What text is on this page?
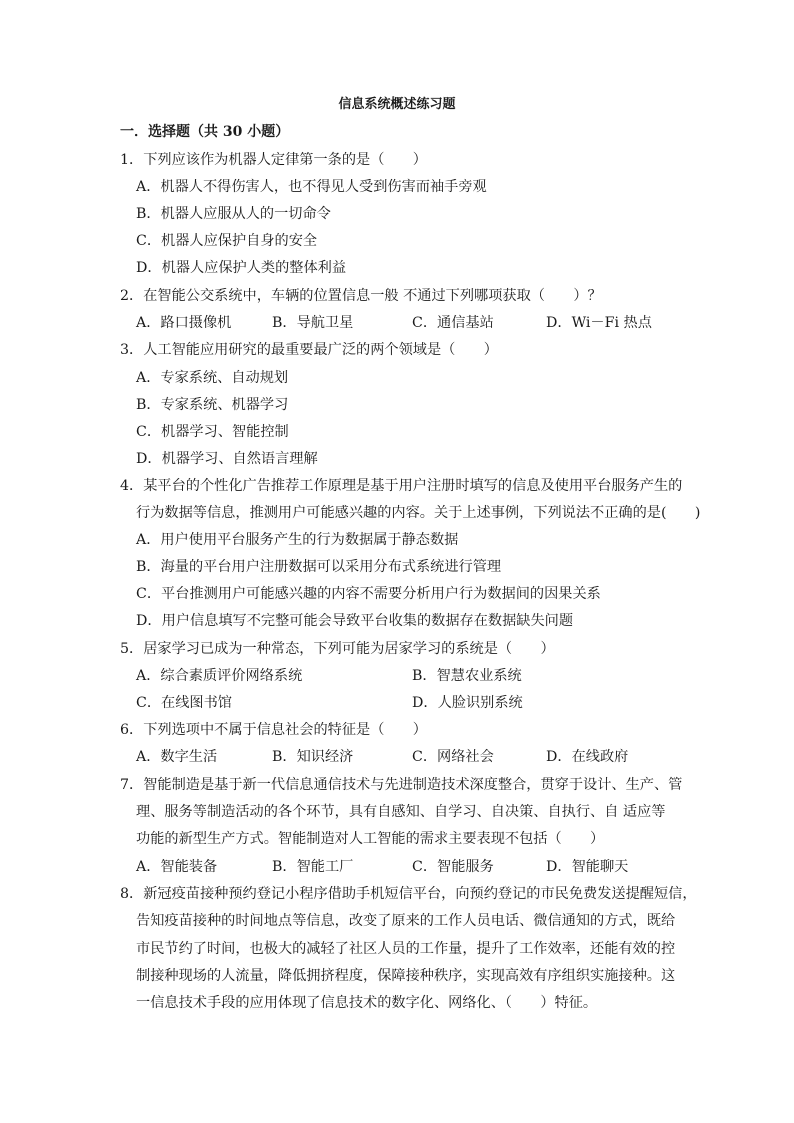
信息系统概述练习题
一．选择题（共 30 小题）
1．下列应该作为机器人定律第一条的是（　　）
A．机器人不得伤害人，也不得见人受到伤害而袖手旁观
B．机器人应服从人的一切命令
C．机器人应保护自身的安全
D．机器人应保护人类的整体利益
2．在智能公交系统中，车辆的位置信息一般 不通过下列哪项获取（　　）？
A．路口摄像机	B．导航卫星	C．通信基站	D．Wi－Fi 热点
3．人工智能应用研究的最重要最广泛的两个领域是（　　）
A．专家系统、自动规划
B．专家系统、机器学习
C．机器学习、智能控制
D．机器学习、自然语言理解
4．某平台的个性化广告推荐工作原理是基于用户注册时填写的信息及使用平台服务产生的
行为数据等信息，推测用户可能感兴趣的内容。关于上述事例，下列说法不正确的是(　　)
A．用户使用平台服务产生的行为数据属于静态数据
B．海量的平台用户注册数据可以采用分布式系统进行管理
C．平台推测用户可能感兴趣的内容不需要分析用户行为数据间的因果关系
D．用户信息填写不完整可能会导致平台收集的数据存在数据缺失问题
5．居家学习已成为一种常态，下列可能为居家学习的系统是（　　）
A．综合素质评价网络系统	B．智慧农业系统
C．在线图书馆	D．人脸识别系统
6．下列选项中不属于信息社会的特征是（　　）
A．数字生活	B．知识经济	C．网络社会	D．在线政府
7．智能制造是基于新一代信息通信技术与先进制造技术深度整合，贯穿于设计、生产、管
理、服务等制造活动的各个环节，具有自感知、自学习、自决策、自执行、自 适应等
功能的新型生产方式。智能制造对人工智能的需求主要表现不包括（　　）
A．智能装备	B．智能工厂	C．智能服务	D．智能聊天
8．新冠疫苗接种预约登记小程序借助手机短信平台，向预约登记的市民免费发送提醒短信，
告知疫苗接种的时间地点等信息，改变了原来的工作人员电话、微信通知的方式，既给
市民节约了时间，也极大的减轻了社区人员的工作量，提升了工作效率，还能有效的控
制接种现场的人流量，降低拥挤程度，保障接种秩序，实现高效有序组织实施接种。这
一信息技术手段的应用体现了信息技术的数字化、网络化、（　　）特征。
